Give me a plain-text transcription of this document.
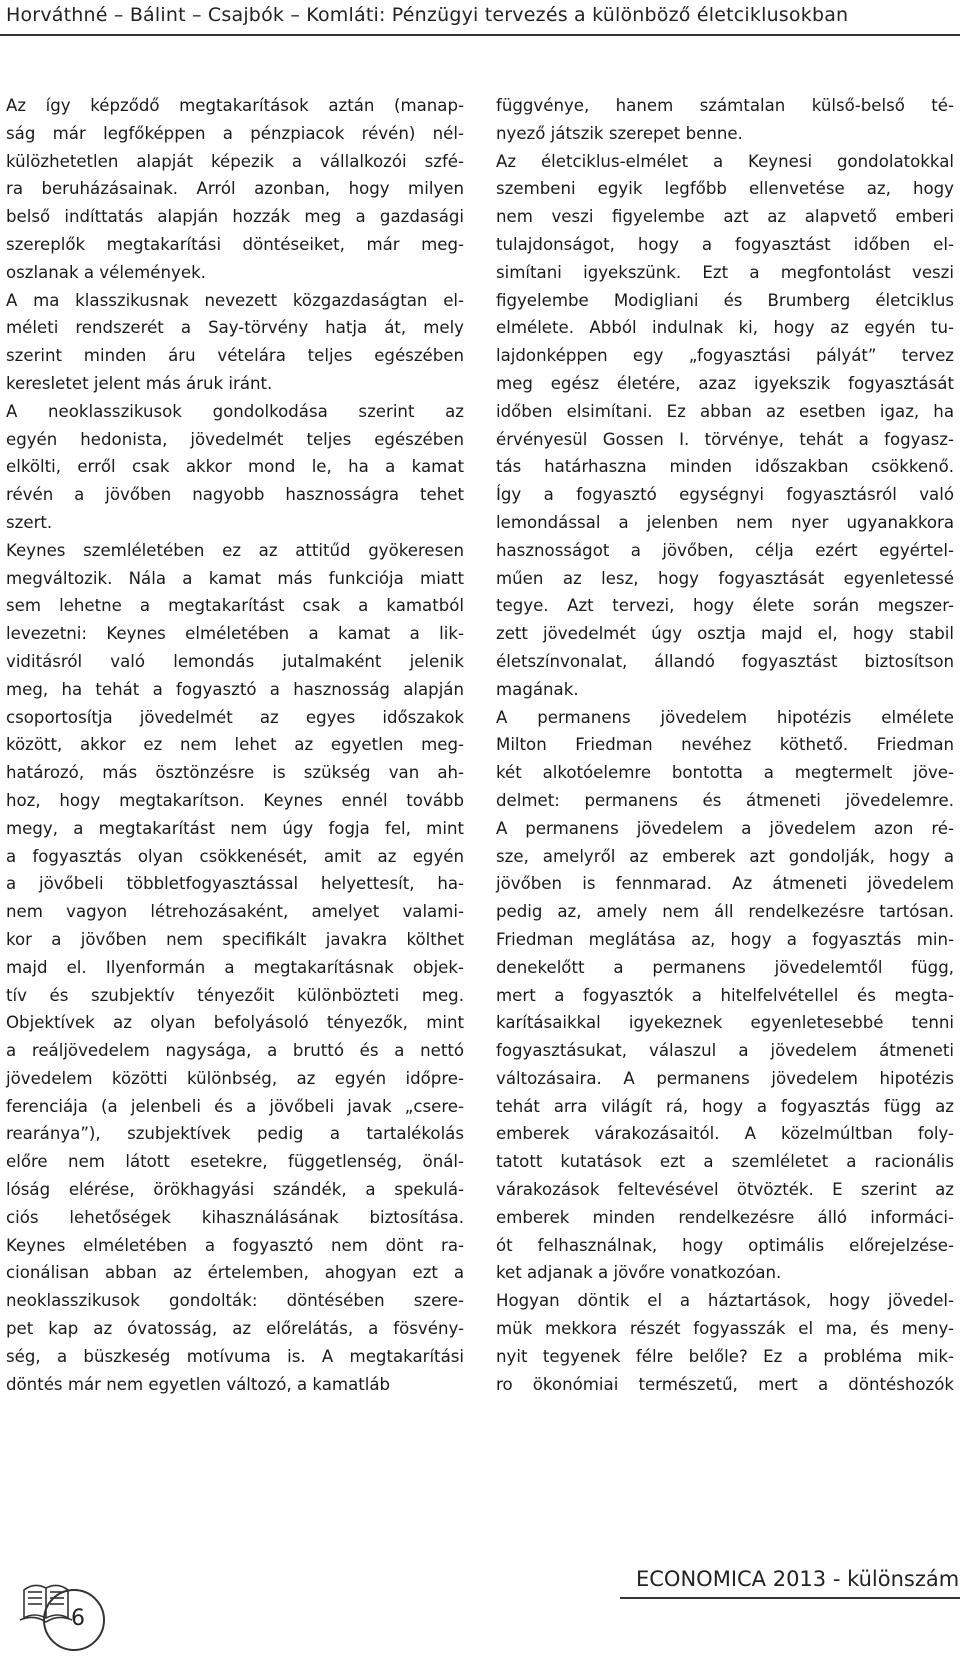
Horváthné – Bálint – Csajbók – Komláti: Pénzügyi tervezés a különböző életciklusokban
Az így képződő megtakarítások aztán (manap-
ság már legfőképpen a pénzpiacok révén) nél-
külözhetetlen alapját képezik a vállalkozói szfé-
ra beruházásainak. Arról azonban, hogy milyen
belső indíttatás alapján hozzák meg a gazdasági
szereplők megtakarítási döntéseiket, már meg-
oszlanak a vélemények.
A ma klasszikusnak nevezett közgazdaságtan el-
méleti rendszerét a Say-törvény hatja át, mely
szerint minden áru vételára teljes egészében
keresletet jelent más áruk iránt.
A neoklasszikusok gondolkodása szerint az
egyén hedonista, jövedelmét teljes egészében
elkölti, erről csak akkor mond le, ha a kamat
révén a jövőben nagyobb hasznosságra tehet
szert.
Keynes szemléletében ez az attitűd gyökeresen
megváltozik. Nála a kamat más funkciója miatt
sem lehetne a megtakarítást csak a kamatból
levezetni: Keynes elméletében a kamat a lik-
viditásról való lemondás jutalmaként jelenik
meg, ha tehát a fogyasztó a hasznosság alapján
csoportosítja jövedelmét az egyes időszakok
között, akkor ez nem lehet az egyetlen meg-
határozó, más ösztönzésre is szükség van ah-
hoz, hogy megtakarítson. Keynes ennél tovább
megy, a megtakarítást nem úgy fogja fel, mint
a fogyasztás olyan csökkenését, amit az egyén
a jövőbeli többletfogyasztással helyettesít, ha-
nem vagyon létrehozásaként, amelyet valami-
kor a jövőben nem specifikált javakra költhet
majd el. Ilyenformán a megtakarításnak objek-
tív és szubjektív tényezőit különbözteti meg.
Objektívek az olyan befolyásoló tényezők, mint
a reáljövedelem nagysága, a bruttó és a nettó
jövedelem közötti különbség, az egyén időpre-
ferenciája (a jelenbeli és a jövőbeli javak „csere-
rearánya”), szubjektívek pedig a tartalékolás
előre nem látott esetekre, függetlenség, önál-
lóság elérése, örökhagyási szándék, a spekulá-
ciós lehetőségek kihasználásának biztosítása.
Keynes elméletében a fogyasztó nem dönt ra-
cionálisan abban az értelemben, ahogyan ezt a
neoklasszikusok gondolták: döntésében szere-
pet kap az óvatosság, az előrelátás, a fösvény-
ség, a büszkeség motívuma is. A megtakarítási
döntés már nem egyetlen változó, a kamatláb
függvénye, hanem számtalan külső-belső té-
nyező játszik szerepet benne.
Az életciklus-elmélet a Keynesi gondolatokkal
szembeni egyik legfőbb ellenvetése az, hogy
nem veszi figyelembe azt az alapvető emberi
tulajdonságot, hogy a fogyasztást időben el-
simítani igyekszünk. Ezt a megfontolást veszi
figyelembe Modigliani és Brumberg életciklus
elmélete. Abból indulnak ki, hogy az egyén tu-
lajdonképpen egy „fogyasztási pályát” tervez
meg egész életére, azaz igyekszik fogyasztását
időben elsimítani. Ez abban az esetben igaz, ha
érvényesül Gossen I. törvénye, tehát a fogyasz-
tás határhaszna minden időszakban csökkenő.
Így a fogyasztó egységnyi fogyasztásról való
lemondással a jelenben nem nyer ugyanakkora
hasznosságot a jövőben, célja ezért egyértel-
műen az lesz, hogy fogyasztását egyenletessé
tegye. Azt tervezi, hogy élete során megszer-
zett jövedelmét úgy osztja majd el, hogy stabil
életszínvonalat, állandó fogyasztást biztosítson
magának.
A permanens jövedelem hipotézis elmélete
Milton Friedman nevéhez köthető. Friedman
két alkotóelemre bontotta a megtermelt jöve-
delmet: permanens és átmeneti jövedelemre.
A permanens jövedelem a jövedelem azon ré-
sze, amelyről az emberek azt gondolják, hogy a
jövőben is fennmarad. Az átmeneti jövedelem
pedig az, amely nem áll rendelkezésre tartósan.
Friedman meglátása az, hogy a fogyasztás min-
denekelőtt a permanens jövedelemtől függ,
mert a fogyasztók a hitelfelvétellel és megta-
karításaikkal igyekeznek egyenletesebbé tenni
fogyasztásukat, válaszul a jövedelem átmeneti
változásaira. A permanens jövedelem hipotézis
tehát arra világít rá, hogy a fogyasztás függ az
emberek várakozásaitól. A közelmúltban foly-
tatott kutatások ezt a szemléletet a racionális
várakozások feltevésével ötvözték. E szerint az
emberek minden rendelkezésre álló informáci-
ót felhasználnak, hogy optimális előrejelzése-
ket adjanak a jövőre vonatkozóan.
Hogyan döntik el a háztartások, hogy jövedel-
mük mekkora részét fogyasszák el ma, és meny-
nyit tegyenek félre belőle? Ez a probléma mik-
ro ökonómiai természetű, mert a döntéshozók
ECONOMICA 2013 - különszám
6
